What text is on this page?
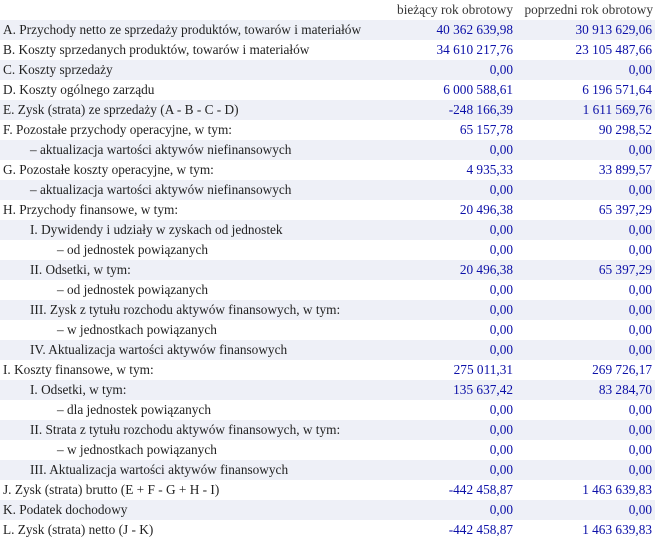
	bieżący rok obrotowy	poprzedni rok obrotowy
A. Przychody netto ze sprzedaży produktów, towarów i materiałów	40 362 639,98	30 913 629,06
B. Koszty sprzedanych produktów, towarów i materiałów	34 610 217,76	23 105 487,66
C. Koszty sprzedaży	0,00	0,00
D. Koszty ogólnego zarządu	6 000 588,61	6 196 571,64
E. Zysk (strata) ze sprzedaży (A - B - C - D)	-248 166,39	1 611 569,76
F. Pozostałe przychody operacyjne, w tym:	65 157,78	90 298,52
– aktualizacja wartości aktywów niefinansowych	0,00	0,00
G. Pozostałe koszty operacyjne, w tym:	4 935,33	33 899,57
– aktualizacja wartości aktywów niefinansowych	0,00	0,00
H. Przychody finansowe, w tym:	20 496,38	65 397,29
I. Dywidendy i udziały w zyskach od jednostek	0,00	0,00
– od jednostek powiązanych	0,00	0,00
II. Odsetki, w tym:	20 496,38	65 397,29
– od jednostek powiązanych	0,00	0,00
III. Zysk z tytułu rozchodu aktywów finansowych, w tym:	0,00	0,00
– w jednostkach powiązanych	0,00	0,00
IV. Aktualizacja wartości aktywów finansowych	0,00	0,00
I. Koszty finansowe, w tym:	275 011,31	269 726,17
I. Odsetki, w tym:	135 637,42	83 284,70
– dla jednostek powiązanych	0,00	0,00
II. Strata z tytułu rozchodu aktywów finansowych, w tym:	0,00	0,00
– w jednostkach powiązanych	0,00	0,00
III. Aktualizacja wartości aktywów finansowych	0,00	0,00
J. Zysk (strata) brutto (E + F - G + H - I)	-442 458,87	1 463 639,83
K. Podatek dochodowy	0,00	0,00
L. Zysk (strata) netto (J - K)	-442 458,87	1 463 639,83
